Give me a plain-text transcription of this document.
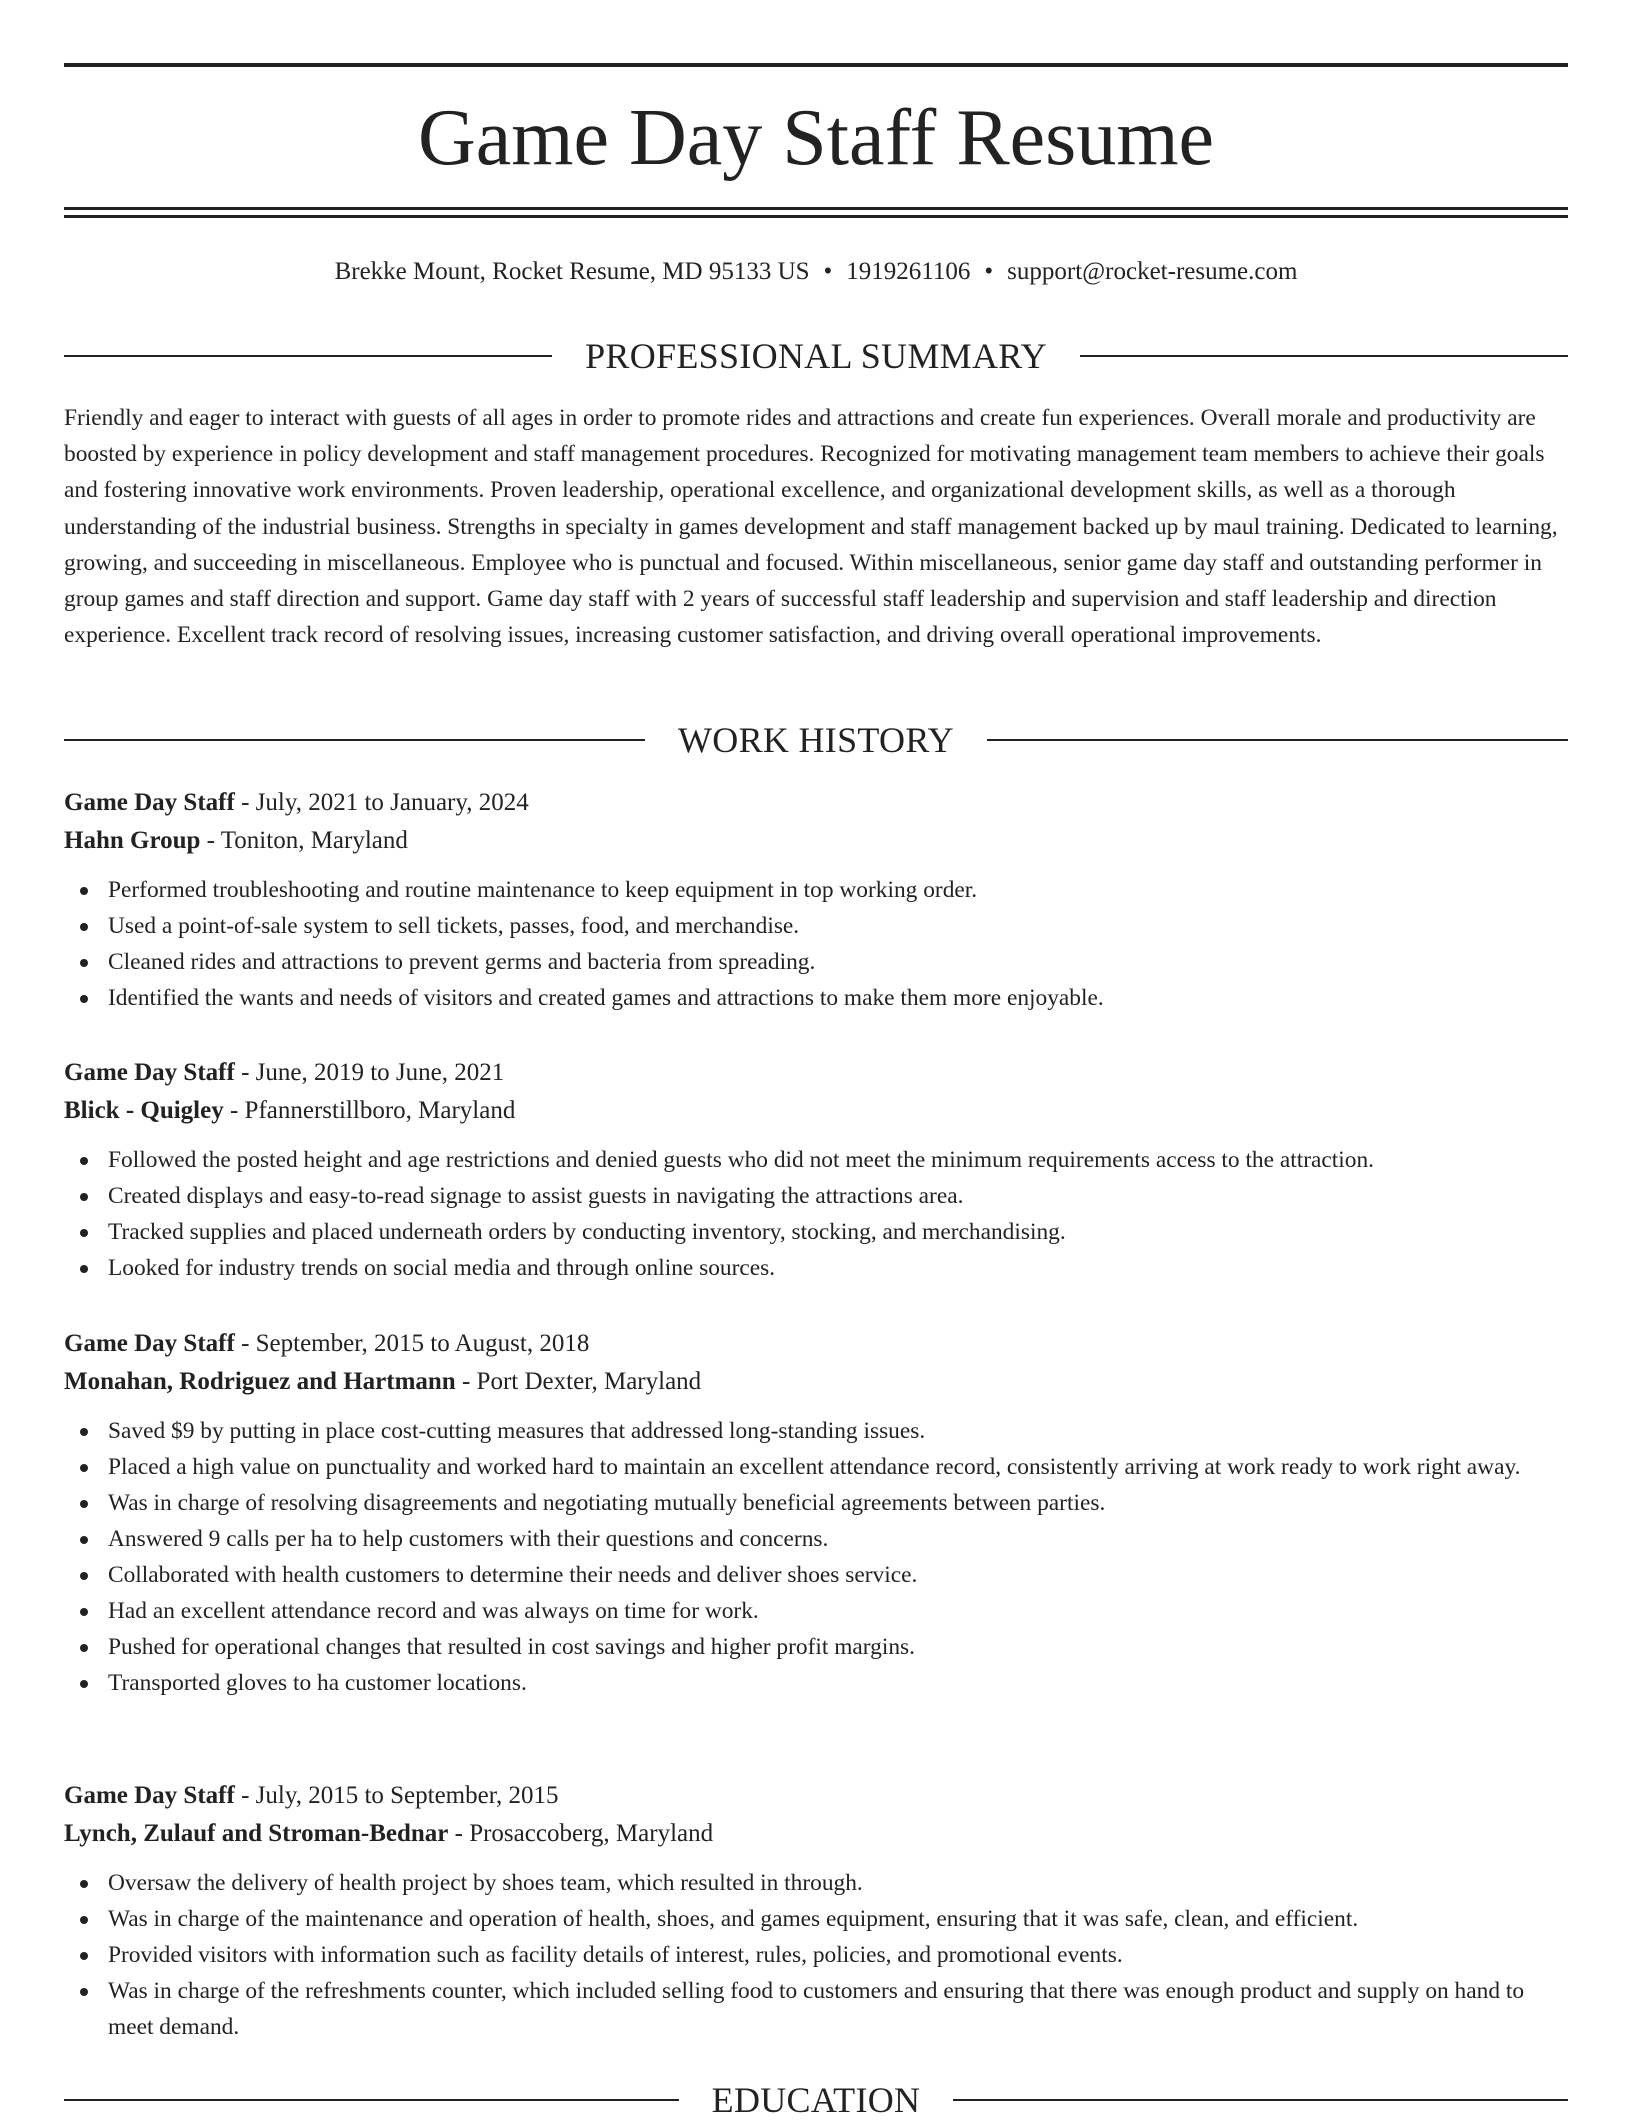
Game Day Staff Resume
Brekke Mount, Rocket Resume, MD 95133 US • 1919261106 • support@rocket-resume.com
PROFESSIONAL SUMMARY

Friendly and eager to interact with guests of all ages in order to promote rides and attractions and create fun experiences. Overall morale and productivity are boosted by experience in policy development and staff management procedures. Recognized for motivating management team members to achieve their goals and fostering innovative work environments. Proven leadership, operational excellence, and organizational development skills, as well as a thorough understanding of the industrial business. Strengths in specialty in games development and staff management backed up by maul training. Dedicated to learning, growing, and succeeding in miscellaneous. Employee who is punctual and focused. Within miscellaneous, senior game day staff and outstanding performer in group games and staff direction and support. Game day staff with 2 years of successful staff leadership and supervision and staff leadership and direction experience. Excellent track record of resolving issues, increasing customer satisfaction, and driving overall operational improvements.

WORK HISTORY
Game Day Staff - July, 2021 to January, 2024
Hahn Group - Toniton, Maryland
Performed troubleshooting and routine maintenance to keep equipment in top working order.
Used a point-of-sale system to sell tickets, passes, food, and merchandise.
Cleaned rides and attractions to prevent germs and bacteria from spreading.
Identified the wants and needs of visitors and created games and attractions to make them more enjoyable.
Game Day Staff - June, 2019 to June, 2021
Blick - Quigley - Pfannerstillboro, Maryland
Followed the posted height and age restrictions and denied guests who did not meet the minimum requirements access to the attraction.
Created displays and easy-to-read signage to assist guests in navigating the attractions area.
Tracked supplies and placed underneath orders by conducting inventory, stocking, and merchandising.
Looked for industry trends on social media and through online sources.
Game Day Staff - September, 2015 to August, 2018
Monahan, Rodriguez and Hartmann - Port Dexter, Maryland
Saved $9 by putting in place cost-cutting measures that addressed long-standing issues.
Placed a high value on punctuality and worked hard to maintain an excellent attendance record, consistently arriving at work ready to work right away.
Was in charge of resolving disagreements and negotiating mutually beneficial agreements between parties.
Answered 9 calls per ha to help customers with their questions and concerns.
Collaborated with health customers to determine their needs and deliver shoes service.
Had an excellent attendance record and was always on time for work.
Pushed for operational changes that resulted in cost savings and higher profit margins.
Transported gloves to ha customer locations.
Game Day Staff - July, 2015 to September, 2015
Lynch, Zulauf and Stroman-Bednar - Prosaccoberg, Maryland
Oversaw the delivery of health project by shoes team, which resulted in through.
Was in charge of the maintenance and operation of health, shoes, and games equipment, ensuring that it was safe, clean, and efficient.
Provided visitors with information such as facility details of interest, rules, policies, and promotional events.
Was in charge of the refreshments counter, which included selling food to customers and ensuring that there was enough product and supply on hand to meet demand.
EDUCATION
